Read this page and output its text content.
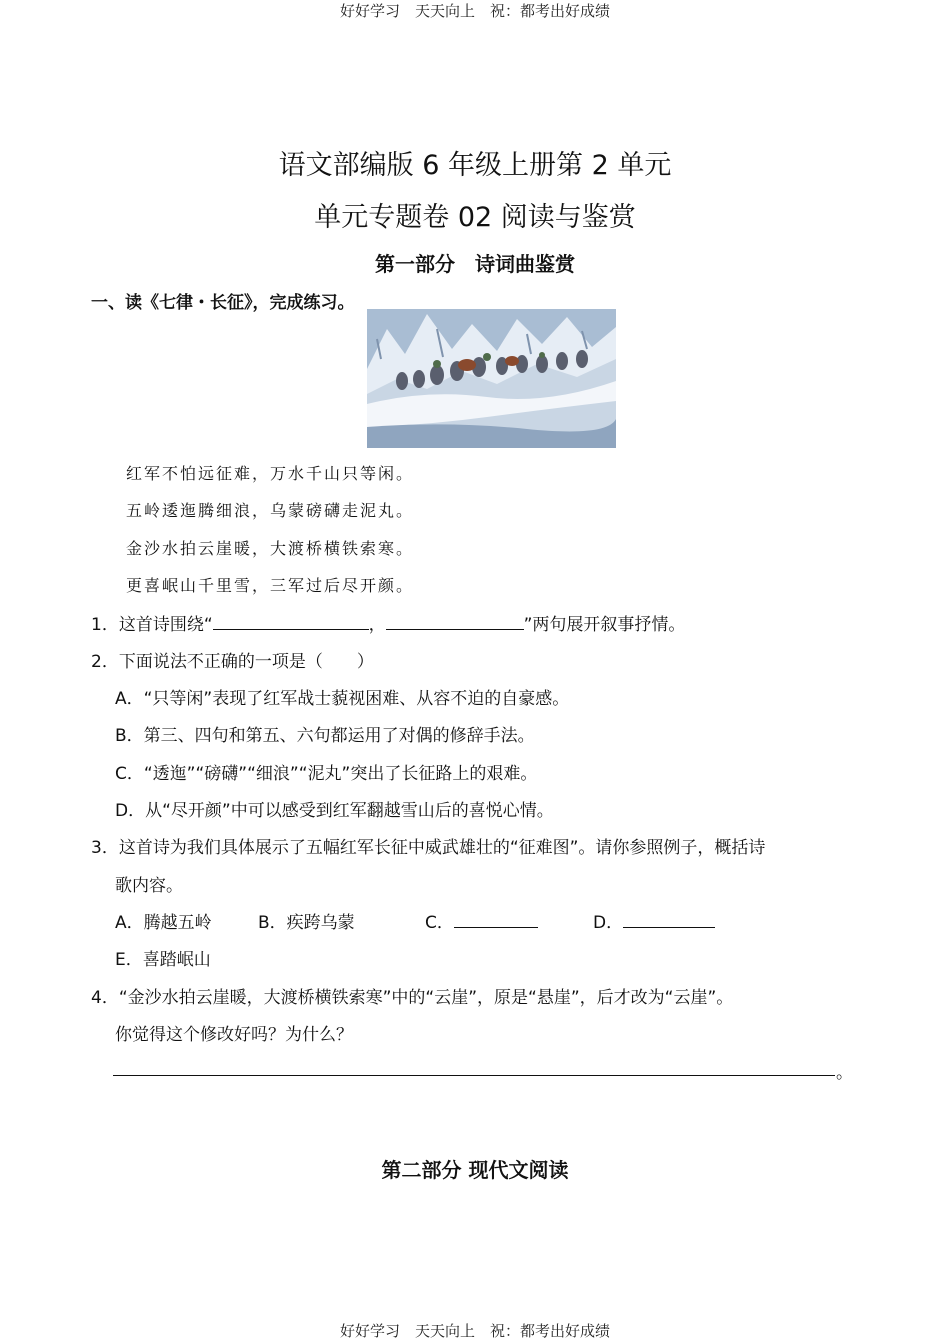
好好学习　天天向上　祝：都考出好成绩
语文部编版 6 年级上册第 2 单元
单元专题卷 02 阅读与鉴赏
第一部分　诗词曲鉴赏
一、读《七律・长征》，完成练习。
红军不怕远征难，万水千山只等闲。
五岭逶迤腾细浪，乌蒙磅礴走泥丸。
金沙水拍云崖暖，大渡桥横铁索寒。
更喜岷山千里雪，三军过后尽开颜。
1．这首诗围绕“	，	”两句展开叙事抒情。
2．下面说法不正确的一项是（　　）
A．“只等闲”表现了红军战士藐视困难、从容不迫的自豪感。
B．第三、四句和第五、六句都运用了对偶的修辞手法。
C．“透迤”“磅礴”“细浪”“泥丸”突出了长征路上的艰难。
D．从“尽开颜”中可以感受到红军翻越雪山后的喜悦心情。
3．这首诗为我们具体展示了五幅红军长征中威武雄壮的“征难图”。请你参照例子，概括诗
歌内容。
A．腾越五岭	B．疾跨乌蒙	C．	D．
E．喜踏岷山
4．“金沙水拍云崖暖，大渡桥横铁索寒”中的“云崖”，原是“悬崖”，后才改为“云崖”。
你觉得这个修改好吗？为什么？
。
第二部分 现代文阅读
好好学习　天天向上　祝：都考出好成绩
